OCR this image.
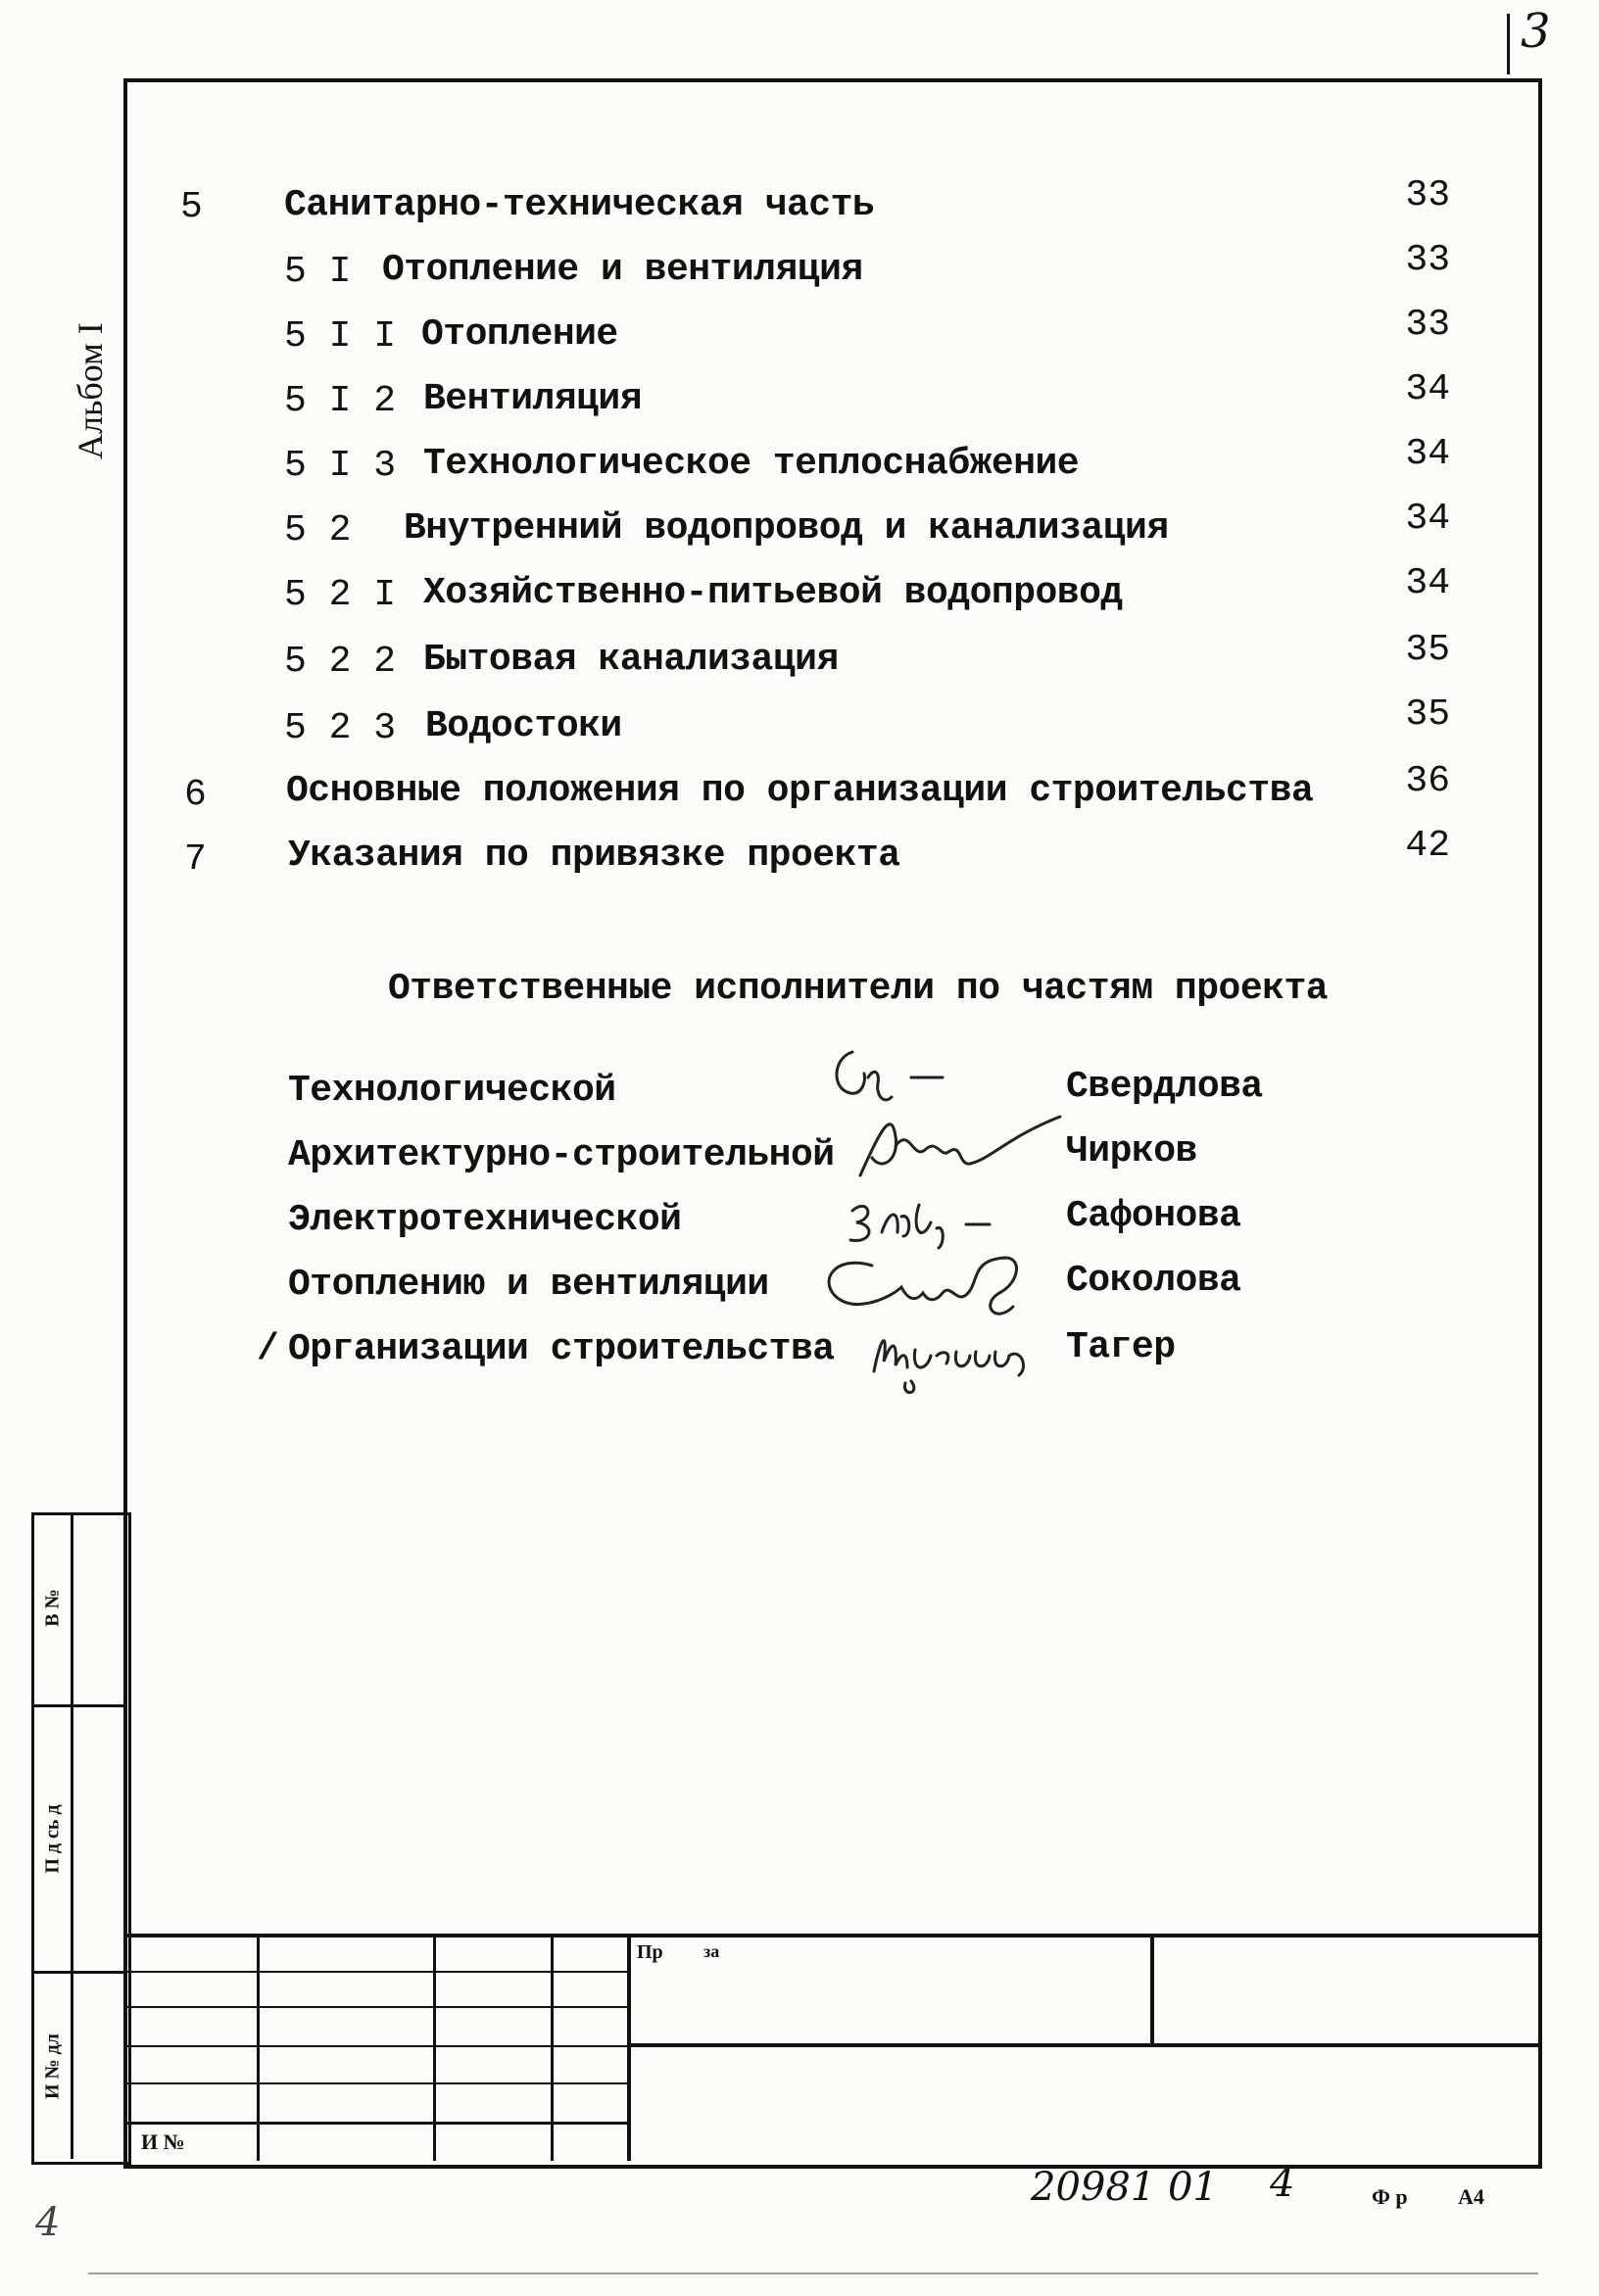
3
Альбом I
5 Санитарно-техническая часть	33
5 I Отопление и вентиляция	33
5 I I Отопление	33
5 I 2 Вентиляция	34
5 I 3 Технологическое теплоснабжение	34
5 2 Внутренний водопровод и канализация	34
5 2 I Хозяйственно-питьевой водопровод	34
5 2 2 Бытовая канализация	35
5 2 3 Водостоки	35
6 Основные положения по организации строительства	36
7 Указания по привязке проекта	42
Ответственные исполнители по частям проекта
Технологической	Свердлова
Архитектурно-строительной	Чирков
Электротехнической	Сафонова
Отоплению и вентиляции	Соколова
/ Организации строительства	Тагер
В №
П д сь д
И № дл
И №
Пр за
20981 01 4	Ф р А4
4
